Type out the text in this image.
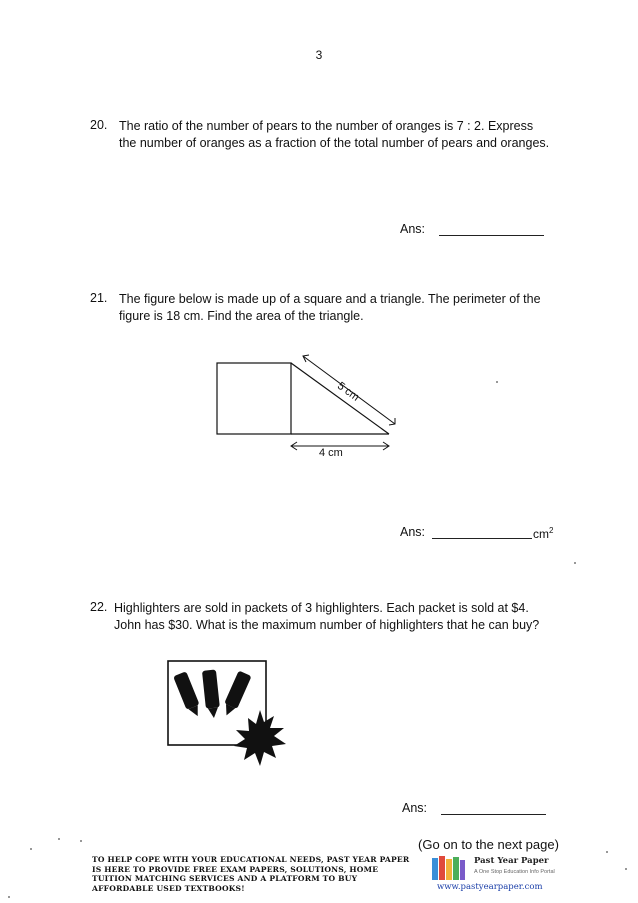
3
20. The ratio of the number of pears to the number of oranges is 7 : 2. Express
the number of oranges as a fraction of the total number of pears and oranges.
Ans:
21. The figure below is made up of a square and a triangle. The perimeter of the
figure is 18 cm. Find the area of the triangle.
5 cm
4 cm
Ans:	$cm^2$
22. Highlighters are sold in packets of 3 highlighters. Each packet is sold at $4.
John has $30. What is the maximum number of highlighters that he can buy?
Ans:
(Go on to the next page)
TO HELP COPE WITH YOUR EDUCATIONAL NEEDS, PAST YEAR PAPER
IS HERE TO PROVIDE FREE EXAM PAPERS, SOLUTIONS, HOME
TUITION MATCHING SERVICES AND A PLATFORM TO BUY
AFFORDABLE USED TEXTBOOKS!
Past Year Paper
A One Stop Education Info Portal
www.pastyearpaper.com
